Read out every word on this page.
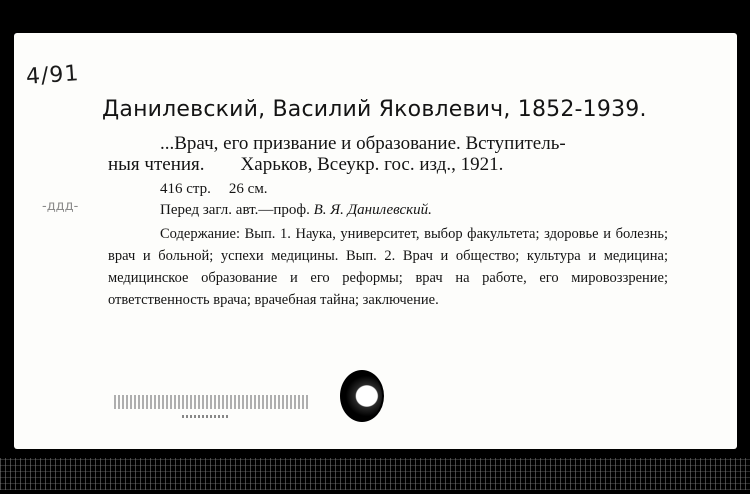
4/91
-ддд-
Данилевский, Василий Яковлевич, 1852-1939.
...Врач, его призвание и образование. Вступитель-
ныя чтения. Харьков, Всеукр. гос. изд., 1921.
416 стр. 26 см.
Перед загл. авт.—проф. В. Я. Данилевский.
Содержание: Вып. 1. Наука, университет, выбор факультета; здоровье и болезнь; врач и больной; успехи медицины. Вып. 2. Врач и общество; культура и медицина; медицинское образование и его реформы; врач на работе, его мировоззрение; ответственность врача; врачебная тайна; заключение.
